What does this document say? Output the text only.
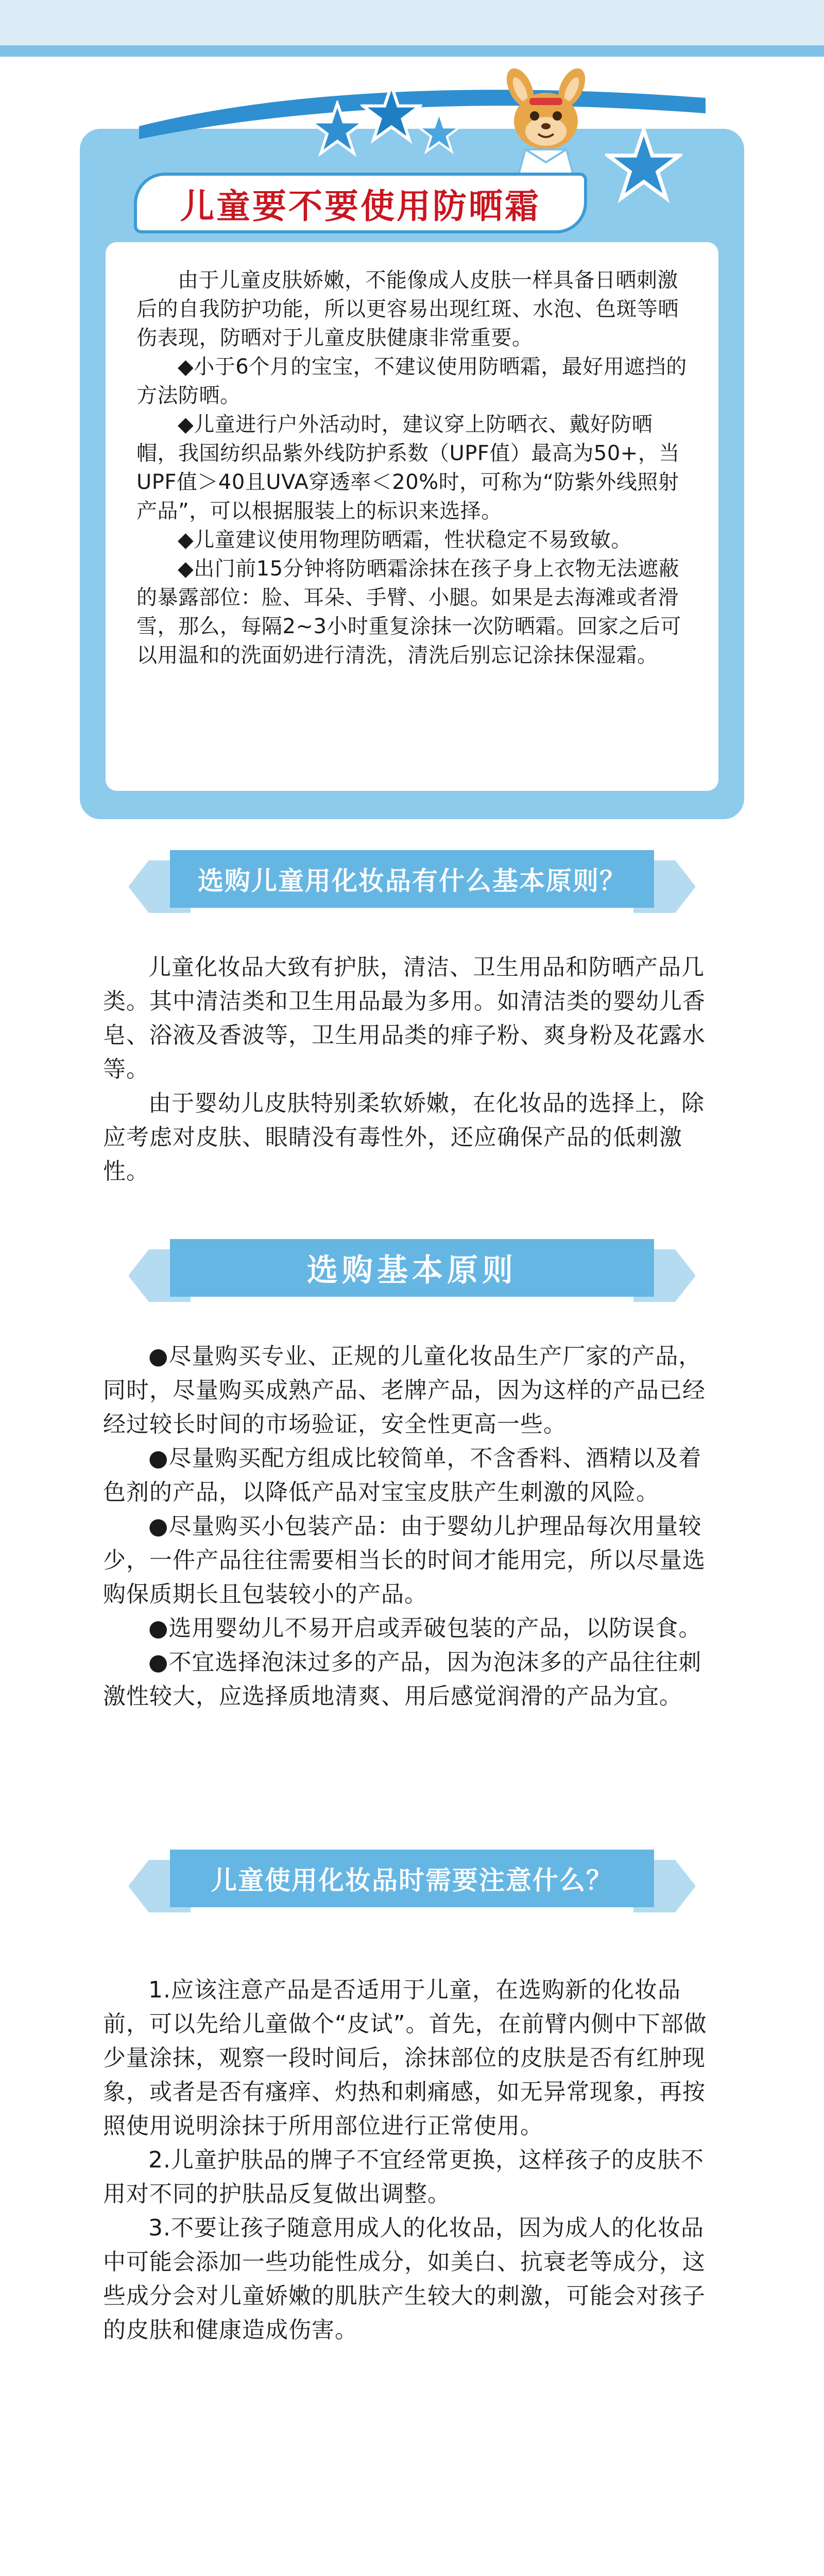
由于儿童皮肤娇嫩，不能像成人皮肤一样具备日晒刺激后的自我防护功能，所以更容易出现红斑、水泡、色斑等晒伤表现，防晒对于儿童皮肤健康非常重要。

◆小于6个月的宝宝，不建议使用防晒霜，最好用遮挡的方法防晒。

◆儿童进行户外活动时，建议穿上防晒衣、戴好防晒帽，我国纺织品紫外线防护系数（UPF值）最高为50+，当UPF值＞40且UVA穿透率＜20%时，可称为“防紫外线照射产品”，可以根据服装上的标识来选择。

◆儿童建议使用物理防晒霜，性状稳定不易致敏。

◆出门前15分钟将防晒霜涂抹在孩子身上衣物无法遮蔽的暴露部位：脸、耳朵、手臂、小腿。如果是去海滩或者滑雪，那么，每隔2~3小时重复涂抹一次防晒霜。回家之后可以用温和的洗面奶进行清洗，清洗后别忘记涂抹保湿霜。

儿童要不要使用防晒霜
选购儿童用化妆品有什么基本原则？

儿童化妆品大致有护肤，清洁、卫生用品和防晒产品几类。其中清洁类和卫生用品最为多用。如清洁类的婴幼儿香皂、浴液及香波等，卫生用品类的痱子粉、爽身粉及花露水等。

由于婴幼儿皮肤特别柔软娇嫩，在化妆品的选择上，除应考虑对皮肤、眼睛没有毒性外，还应确保产品的低刺激性。

选购基本原则

●尽量购买专业、正规的儿童化妆品生产厂家的产品，同时，尽量购买成熟产品、老牌产品，因为这样的产品已经经过较长时间的市场验证，安全性更高一些。

●尽量购买配方组成比较简单，不含香料、酒精以及着色剂的产品，以降低产品对宝宝皮肤产生刺激的风险。

●尽量购买小包装产品：由于婴幼儿护理品每次用量较少，一件产品往往需要相当长的时间才能用完，所以尽量选购保质期长且包装较小的产品。

●选用婴幼儿不易开启或弄破包装的产品，以防误食。

●不宜选择泡沫过多的产品，因为泡沫多的产品往往刺激性较大，应选择质地清爽、用后感觉润滑的产品为宜。

儿童使用化妆品时需要注意什么？

1.应该注意产品是否适用于儿童，在选购新的化妆品前，可以先给儿童做个“皮试”。首先，在前臂内侧中下部做少量涂抹，观察一段时间后，涂抹部位的皮肤是否有红肿现象，或者是否有瘙痒、灼热和刺痛感，如无异常现象，再按照使用说明涂抹于所用部位进行正常使用。

2.儿童护肤品的牌子不宜经常更换，这样孩子的皮肤不用对不同的护肤品反复做出调整。

3.不要让孩子随意用成人的化妆品，因为成人的化妆品中可能会添加一些功能性成分，如美白、抗衰老等成分，这些成分会对儿童娇嫩的肌肤产生较大的刺激，可能会对孩子的皮肤和健康造成伤害。
